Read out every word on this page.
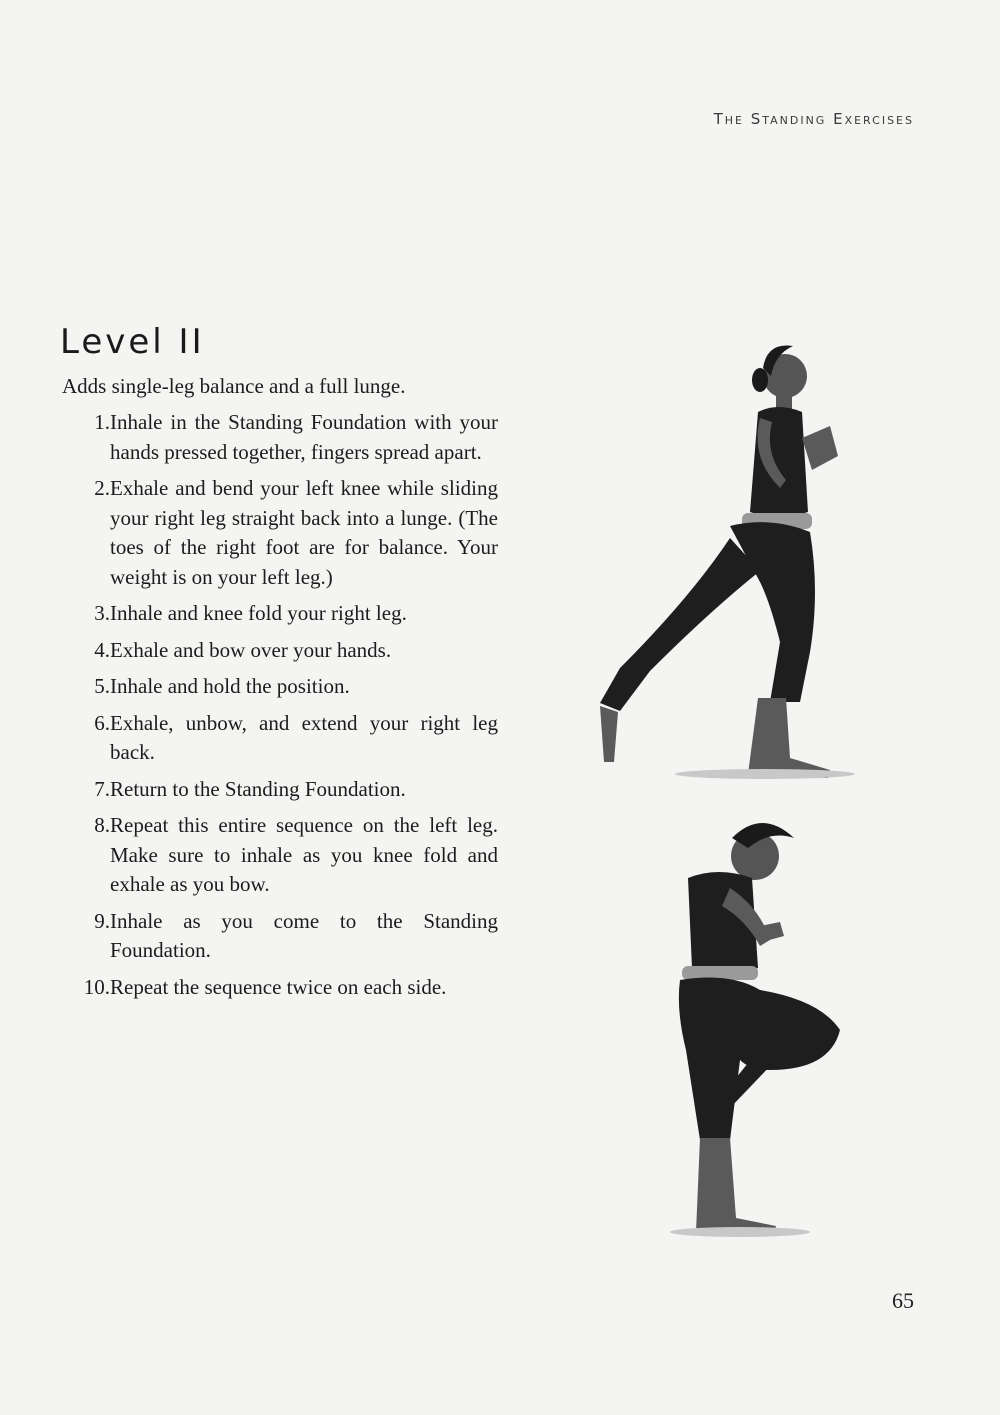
The Standing Exercises
Level II

Adds single-leg balance and a full lunge.

1. Inhale in the Standing Foundation with your hands pressed together, fingers spread apart.
2. Exhale and bend your left knee while sliding your right leg straight back into a lunge. (The toes of the right foot are for balance. Your weight is on your left leg.)
3. Inhale and knee fold your right leg.
4. Exhale and bow over your hands.
5. Inhale and hold the position.
6. Exhale, unbow, and extend your right leg back.
7. Return to the Standing Foundation.
8. Repeat this entire sequence on the left leg. Make sure to inhale as you knee fold and exhale as you bow.
9. Inhale as you come to the Standing Foundation.
10. Repeat the sequence twice on each side.
65
